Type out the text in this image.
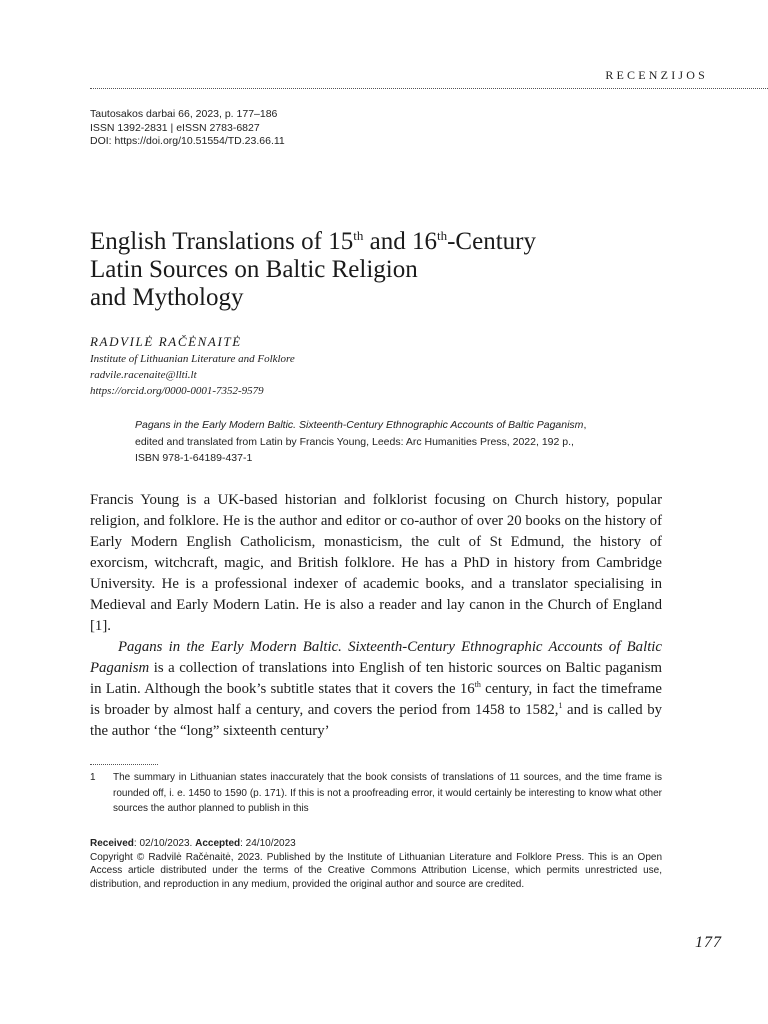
RECENZIJOS
Tautosakos darbai 66, 2023, p. 177–186
ISSN 1392-2831 | eISSN 2783-6827
DOI: https://doi.org/10.51554/TD.23.66.11
English Translations of 15th and 16th-Century
Latin Sources on Baltic Religion
and Mythology
RADVILĖ RAČĖNAITĖ
Institute of Lithuanian Literature and Folklore
radvile.racenaite@llti.lt
https://orcid.org/0000-0001-7352-9579
Pagans in the Early Modern Baltic. Sixteenth-Century Ethnographic Accounts of Baltic Paganism,
edited and translated from Latin by Francis Young, Leeds: Arc Humanities Press, 2022, 192 p.,
ISBN 978-1-64189-437-1

Francis Young is a UK-based historian and folklorist focusing on Church history, popular religion, and folklore. He is the author and editor or co-author of over 20 books on the history of Early Modern English Catholicism, monasticism, the cult of St Edmund, the history of exorcism, witchcraft, magic, and British folklore. He has a PhD in history from Cambridge University. He is a professional indexer of academic books, and a translator specialising in Medieval and Early Modern Latin. He is also a reader and lay canon in the Church of England [1].

Pagans in the Early Modern Baltic. Sixteenth-Century Ethnographic Accounts of Baltic Paganism is a collection of translations into English of ten historic sources on Baltic paganism in Latin. Although the book’s subtitle states that it covers the 16th century, in fact the timeframe is broader by almost half a century, and covers the period from 1458 to 1582,$^1$ and is called by the author ‘the “long” sixteenth century’

1 The summary in Lithuanian states inaccurately that the book consists of translations of 11 sources, and the time frame is rounded off, i. e. 1450 to 1590 (p. 171). If this is not a proofreading error, it would certainly be interesting to know what other sources the author planned to publish in this
Received: 02/10/2023. Accepted: 24/10/2023
Copyright © Radvilė Račėnaitė, 2023. Published by the Institute of Lithuanian Literature and Folklore Press. This is an Open Access article distributed under the terms of the Creative Commons Attribution License, which permits unrestricted use, distribution, and reproduction in any medium, provided the original author and source are credited.
177
